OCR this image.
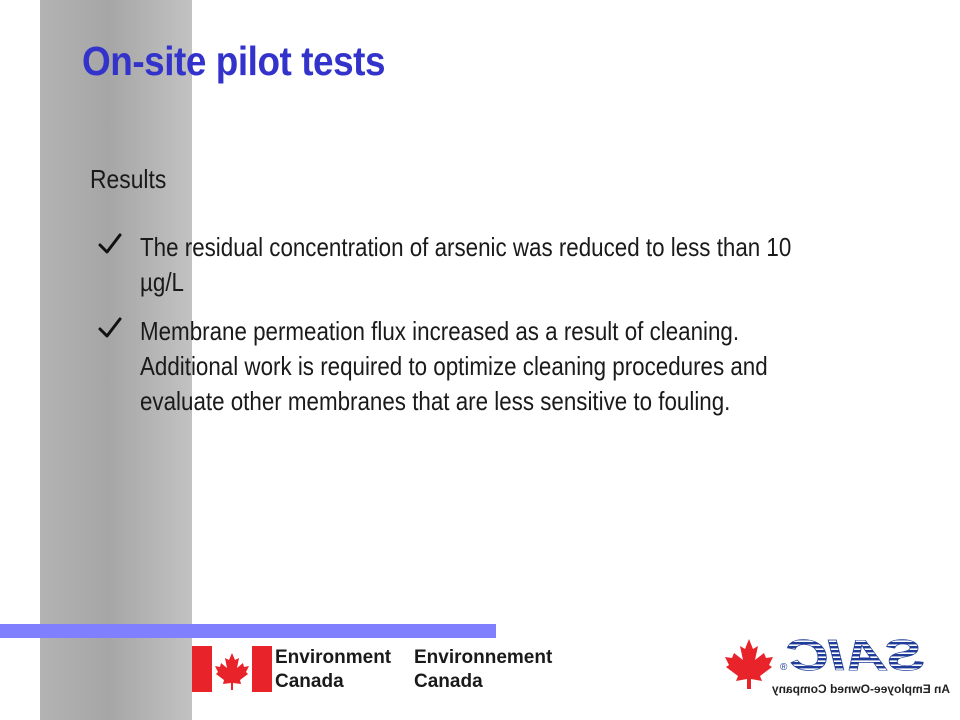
On-site pilot tests
Results
The residual concentration of arsenic was reduced to less than 10 µg/L
Membrane permeation flux increased as a result of cleaning. Additional work is required to optimize cleaning procedures and evaluate other membranes that are less sensitive to fouling.
Environment
Canada
Environnement
Canada
SAIC
®
An Employee-Owned Company
